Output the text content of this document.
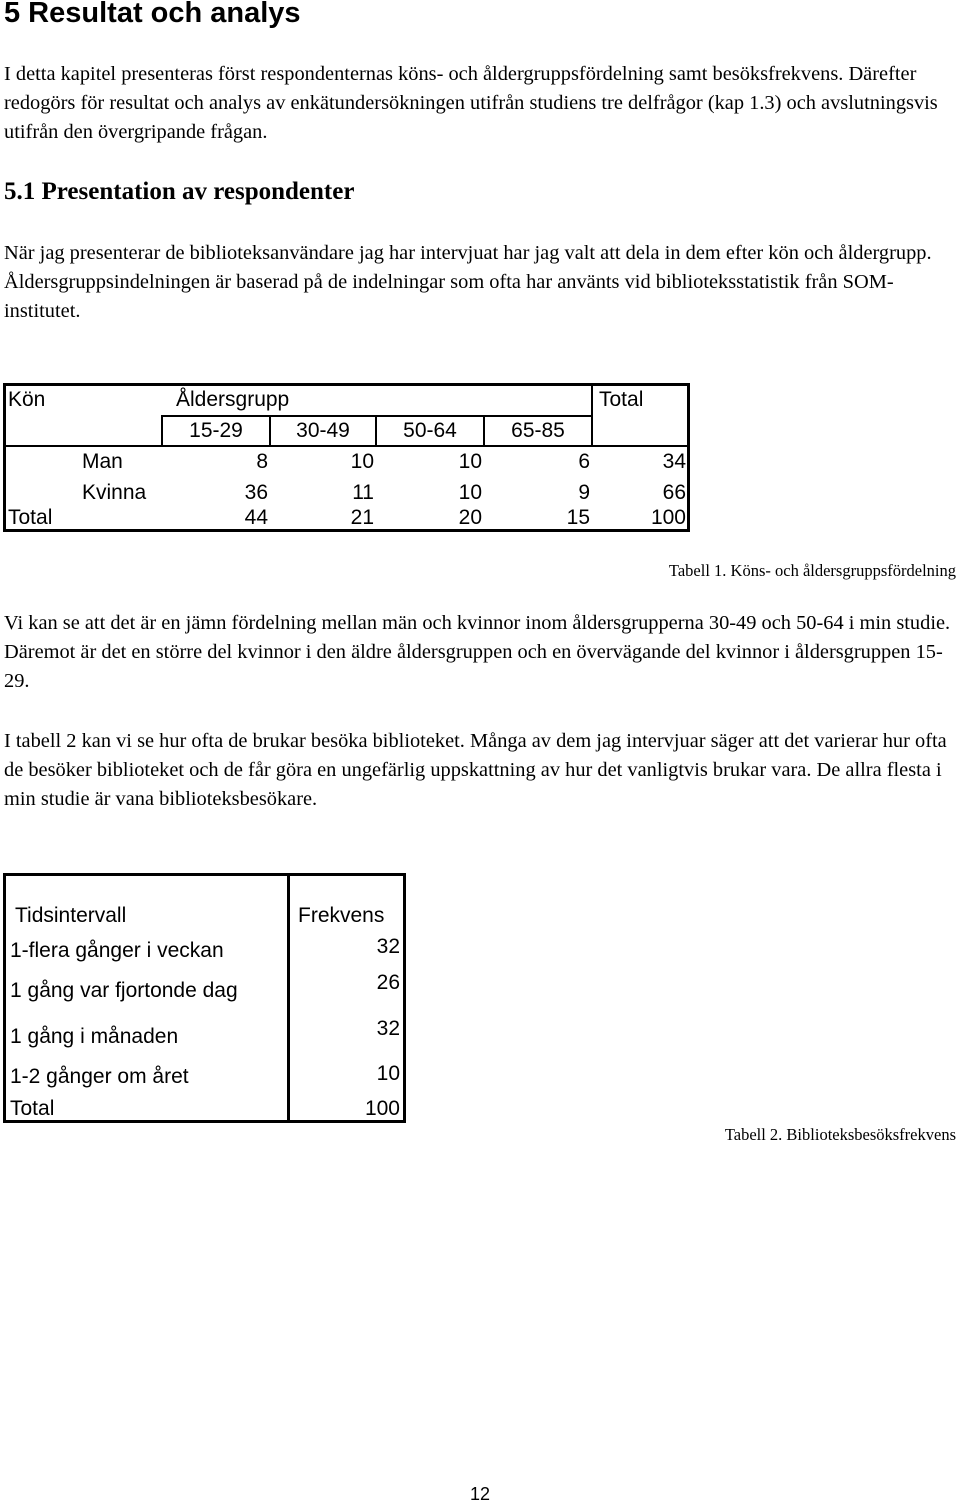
5 Resultat och analys
I detta kapitel presenteras först respondenternas köns- och åldergruppsfördelning samt besöksfrekvens. Därefter redogörs för resultat och analys av enkätundersökningen utifrån studiens tre delfrågor (kap 1.3) och avslutningsvis utifrån den övergripande frågan.
5.1 Presentation av respondenter
När jag presenterar de biblioteksanvändare jag har intervjuat har jag valt att dela in dem efter kön och åldergrupp. Åldersgruppsindelningen är baserad på de indelningar som ofta har använts vid biblioteksstatistik från SOM-institutet.
Kön	Åldersgrupp	Total
15-29	30-49	50-64	65-85
Man	8	10	10	6	34
Kvinna	36	11	10	9	66
Total	44	21	20	15	100
Tabell 1. Köns- och åldersgruppsfördelning
Vi kan se att det är en jämn fördelning mellan män och kvinnor inom åldersgrupperna 30-49 och 50-64 i min studie. Däremot är det en större del kvinnor i den äldre åldersgruppen och en övervägande del kvinnor i åldersgruppen 15-29.
I tabell 2 kan vi se hur ofta de brukar besöka biblioteket. Många av dem jag intervjuar säger att det varierar hur ofta de besöker biblioteket och de får göra en ungefärlig uppskattning av hur det vanligtvis brukar vara. De allra flesta i min studie är vana biblioteksbesökare.
Tidsintervall	Frekvens
1-flera gånger i veckan	32
1 gång var fjortonde dag	26
1 gång i månaden	32
1-2 gånger om året	10
Total	100
Tabell 2. Biblioteksbesöksfrekvens
12
